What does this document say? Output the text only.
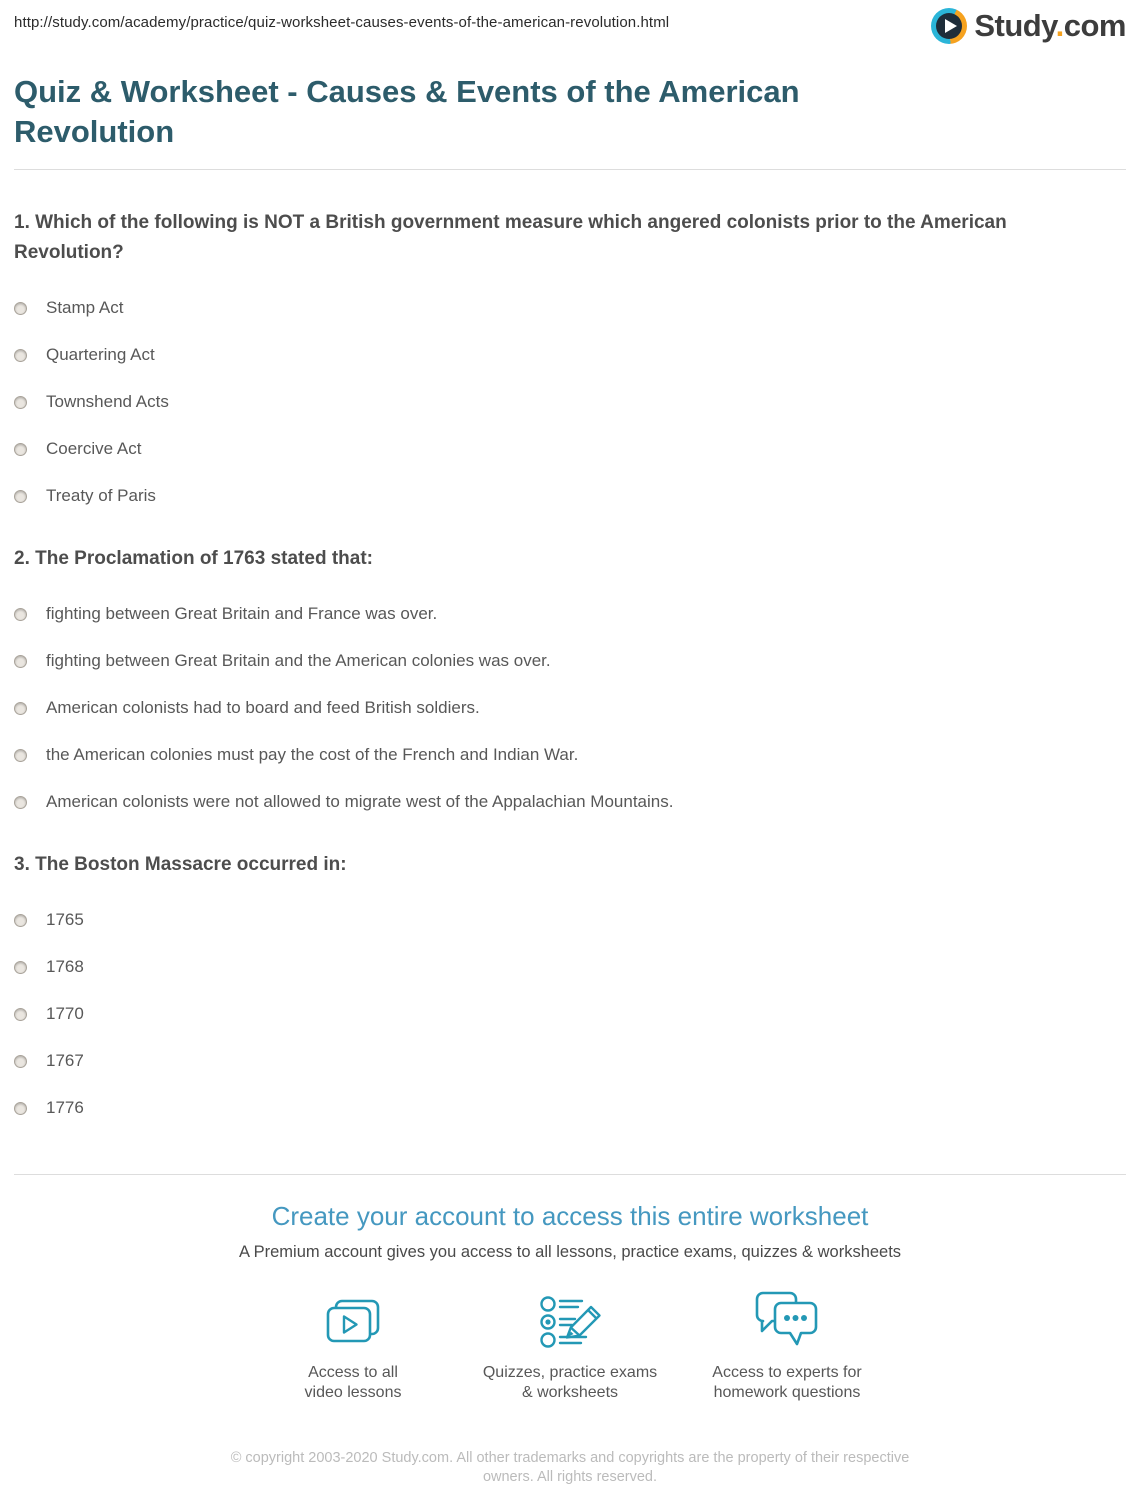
http://study.com/academy/practice/quiz-worksheet-causes-events-of-the-american-revolution.html	Study.com
Quiz & Worksheet - Causes & Events of the American Revolution
1. Which of the following is NOT a British government measure which angered colonists prior to the American Revolution?
Stamp Act
Quartering Act
Townshend Acts
Coercive Act
Treaty of Paris
2. The Proclamation of 1763 stated that:
fighting between Great Britain and France was over.
fighting between Great Britain and the American colonies was over.
American colonists had to board and feed British soldiers.
the American colonies must pay the cost of the French and Indian War.
American colonists were not allowed to migrate west of the Appalachian Mountains.
3. The Boston Massacre occurred in:
1765
1768
1770
1767
1776
Create your account to access this entire worksheet
A Premium account gives you access to all lessons, practice exams, quizzes & worksheets
Access to all
video lessons
Quizzes, practice exams
& worksheets
Access to experts for
homework questions
© copyright 2003-2020 Study.com. All other trademarks and copyrights are the property of their respective owners. All rights reserved.
